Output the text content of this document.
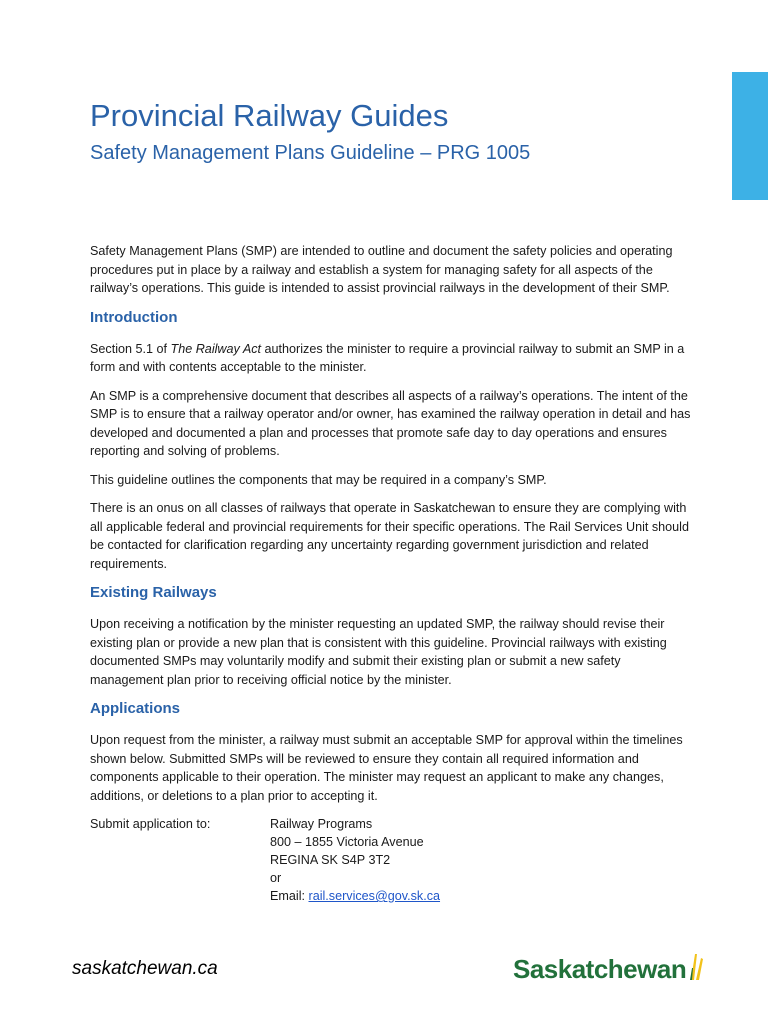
Provincial Railway Guides
Safety Management Plans Guideline – PRG 1005

Safety Management Plans (SMP) are intended to outline and document the safety policies and operating procedures put in place by a railway and establish a system for managing safety for all aspects of the railway’s operations. This guide is intended to assist provincial railways in the development of their SMP.

Introduction

Section 5.1 of The Railway Act authorizes the minister to require a provincial railway to submit an SMP in a form and with contents acceptable to the minister.

An SMP is a comprehensive document that describes all aspects of a railway’s operations. The intent of the SMP is to ensure that a railway operator and/or owner, has examined the railway operation in detail and has developed and documented a plan and processes that promote safe day to day operations and ensures reporting and solving of problems.

This guideline outlines the components that may be required in a company’s SMP.

There is an onus on all classes of railways that operate in Saskatchewan to ensure they are complying with all applicable federal and provincial requirements for their specific operations. The Rail Services Unit should be contacted for clarification regarding any uncertainty regarding government jurisdiction and related requirements.

Existing Railways

Upon receiving a notification by the minister requesting an updated SMP, the railway should revise their existing plan or provide a new plan that is consistent with this guideline. Provincial railways with existing documented SMPs may voluntarily modify and submit their existing plan or submit a new safety management plan prior to receiving official notice by the minister.

Applications

Upon request from the minister, a railway must submit an acceptable SMP for approval within the timelines shown below. Submitted SMPs will be reviewed to ensure they contain all required information and components applicable to their operation. The minister may request an applicant to make any changes, additions, or deletions to a plan prior to accepting it.

Submit application to:	Railway Programs
800 – 1855 Victoria Avenue
REGINA SK S4P 3T2
or
Email: rail.services@gov.sk.ca
saskatchewan.ca	Saskatchewan
